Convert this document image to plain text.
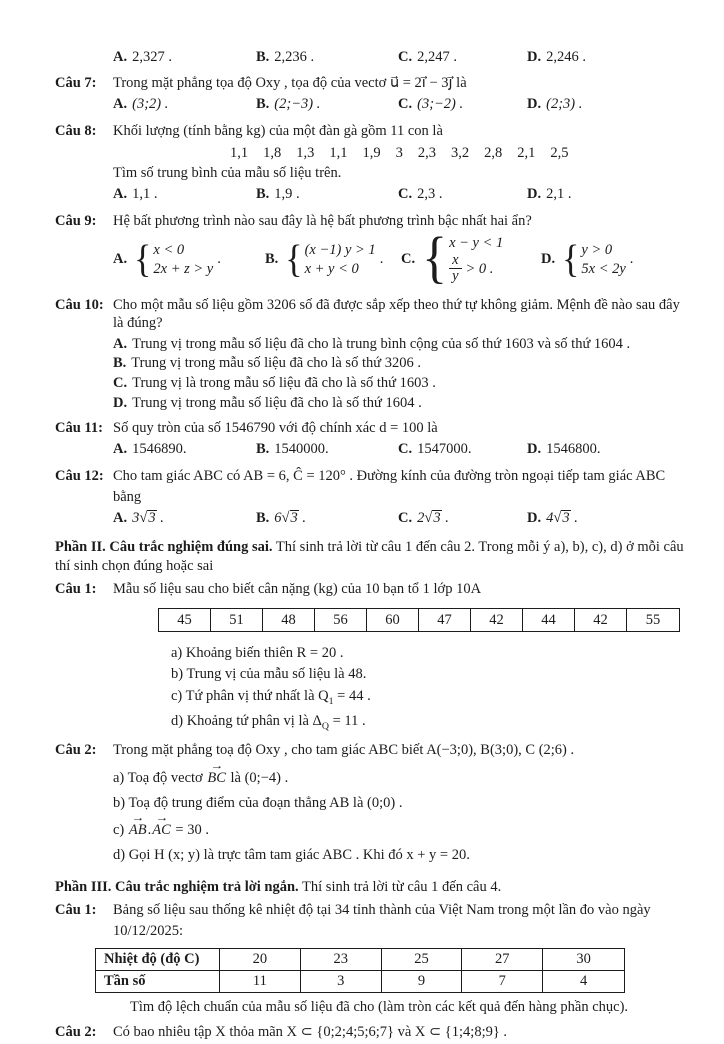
A. 2,327 .	B. 2,236 .	C. 2,247 .	D. 2,246 .
Câu 7:	Trong mặt phẳng tọa độ Oxy , tọa độ của vectơ u⃗ = 2i⃗ − 3j⃗ là
A. (3;2) .	B. (2;−3) .	C. (3;−2) .	D. (2;3) .
Câu 8:	Khối lượng (tính bằng kg) của một đàn gà gồm 11 con là
1,1 1,8 1,3 1,1 1,9 3 2,3 3,2 2,8 2,1 2,5
Tìm số trung bình của mẫu số liệu trên.
A. 1,1 .	B. 1,9 .	C. 2,3 .	D. 2,1 .
Câu 9:	Hệ bất phương trình nào sau đây là hệ bất phương trình bậc nhất hai ẩn?
A. { x < 0
2x + z > y
.	B. { (x −1) y > 1
x + y < 0
. C. { x − y < 1
$\frac{x}{y} > 0$ .
D. { y > 0
5x < 2y
.
Câu 10: Cho một mẫu số liệu gồm 3206 số đã được sắp xếp theo thứ tự không giảm. Mệnh đề nào sau đây là đúng?
A. Trung vị trong mẫu số liệu đã cho là trung bình cộng của số thứ 1603 và số thứ 1604 .
B. Trung vị trong mẫu số liệu đã cho là số thứ 3206 .
C. Trung vị là trong mẫu số liệu đã cho là số thứ 1603 .
D. Trung vị trong mẫu số liệu đã cho là số thứ 1604 .
Câu 11: Số quy tròn của số 1546790 với độ chính xác d = 100 là
A. 1546890.	B. 1540000.	C. 1547000.	D. 1546800.
Câu 12: Cho tam giác ABC có AB = 6, Ĉ = 120° . Đường kính của đường tròn ngoại tiếp tam giác ABC
bằng
A. 3√3 .	B. 6√3 .	C. 2√3 .	D. 4√3 .
Phần II. Câu trắc nghiệm đúng sai. Thí sinh trả lời từ câu 1 đến câu 2. Trong mỗi ý a), b), c), d) ở mỗi câu thí sinh chọn đúng hoặc sai
Câu 1:	Mẫu số liệu sau cho biết cân nặng (kg) của 10 bạn tổ 1 lớp 10A
45	51	48	56	60	47	42	44	42	55
a) Khoảng biến thiên R = 20 .
b) Trung vị của mẫu số liệu là 48.
c) Tứ phân vị thứ nhất là $Q_1 = 44$ .
d) Khoảng tứ phân vị là $\Delta_Q = 11$ .
Câu 2:	Trong mặt phẳng toạ độ Oxy , cho tam giác ABC biết A(−3;0), B(3;0), C (2;6) .
a) Toạ độ vectơ BC → là (0;−4) .
b) Toạ độ trung điểm của đoạn thẳng AB là (0;0) .
c) AB →.AC → = 30 .
d) Gọi H (x; y) là trực tâm tam giác ABC . Khi đó x + y = 20.
Phần III. Câu trắc nghiệm trả lời ngắn. Thí sinh trả lời từ câu 1 đến câu 4.
Câu 1:	Bảng số liệu sau thống kê nhiệt độ tại 34 tỉnh thành của Việt Nam trong một lần đo vào ngày
10/12/2025:
Nhiệt độ (độ C)	20	23	25	27	30
Tần số	11	3	9	7	4
Tìm độ lệch chuẩn của mẫu số liệu đã cho (làm tròn các kết quả đến hàng phần chục).
Câu 2:	Có bao nhiêu tập X thỏa mãn X ⊂ {0;2;4;5;6;7} và X ⊂ {1;4;8;9} .
